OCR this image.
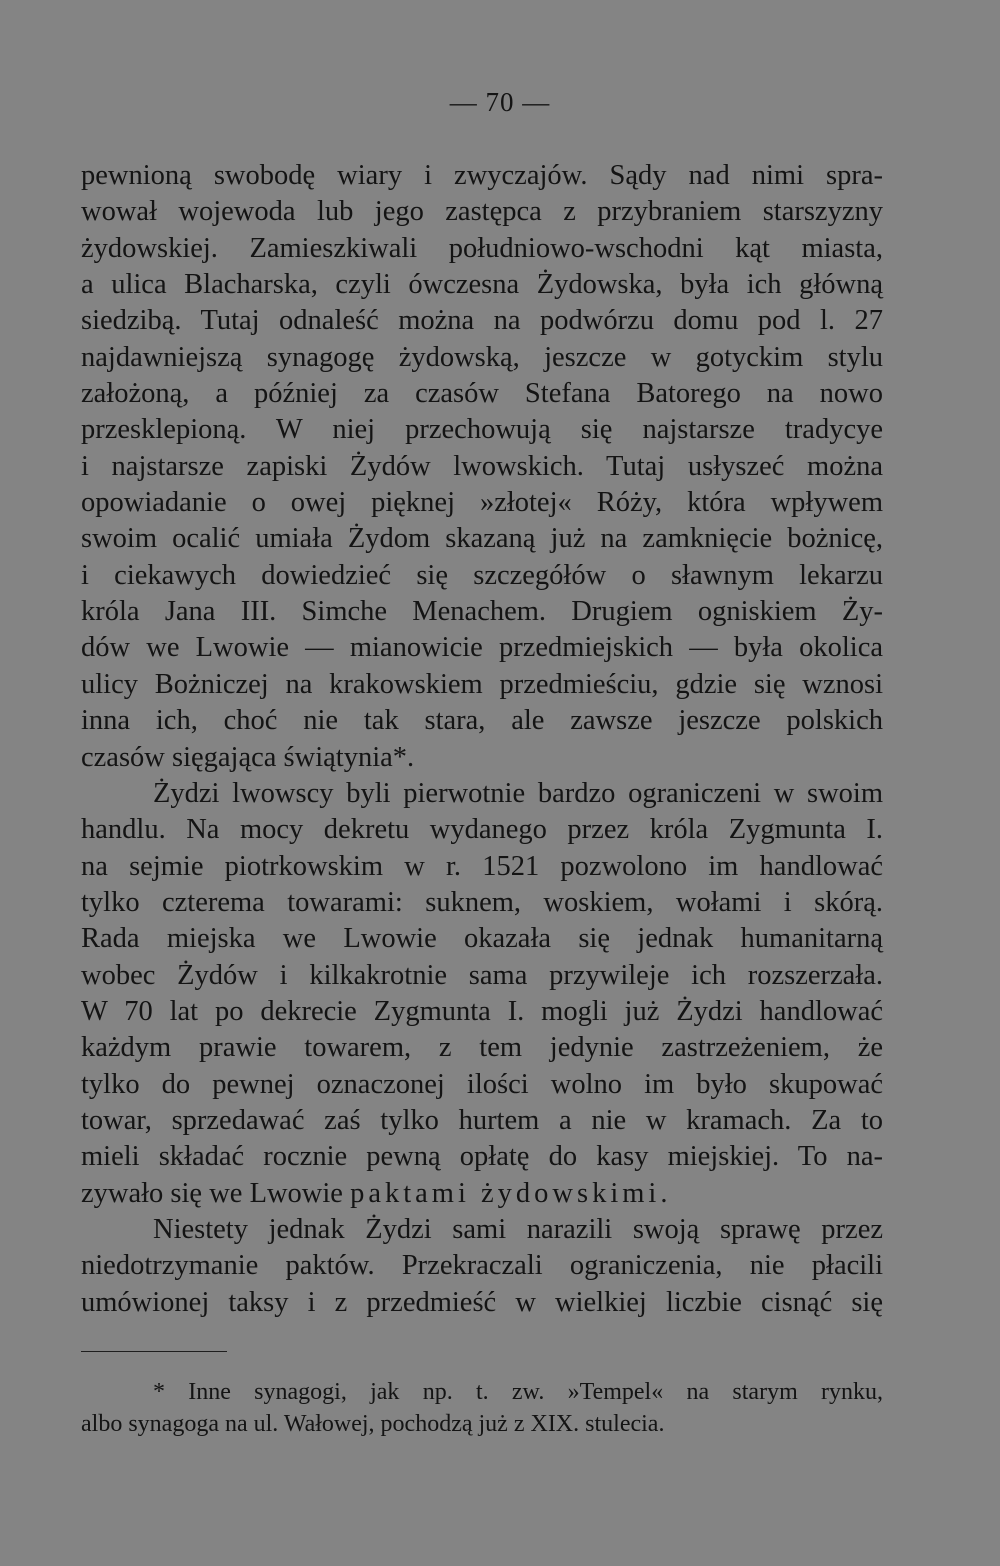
— 70 —
pewnioną swobodę wiary i zwyczajów. Sądy nad nimi spra-
wował wojewoda lub jego zastępca z przybraniem starszyzny
żydowskiej. Zamieszkiwali południowo-wschodni kąt miasta,
a ulica Blacharska, czyli ówczesna Żydowska, była ich główną
siedzibą. Tutaj odnaleść można na podwórzu domu pod l. 27
najdawniejszą synagogę żydowską, jeszcze w gotyckim stylu
założoną, a później za czasów Stefana Batorego na nowo
przesklepioną. W niej przechowują się najstarsze tradycye
i najstarsze zapiski Żydów lwowskich. Tutaj usłyszeć można
opowiadanie o owej pięknej »złotej« Róży, która wpływem
swoim ocalić umiała Żydom skazaną już na zamknięcie bożnicę,
i ciekawych dowiedzieć się szczegółów o sławnym lekarzu
króla Jana III. Simche Menachem. Drugiem ogniskiem Ży-
dów we Lwowie — mianowicie przedmiejskich — była okolica
ulicy Bożniczej na krakowskiem przedmieściu, gdzie się wznosi
inna ich, choć nie tak stara, ale zawsze jeszcze polskich
czasów sięgająca świątynia*.
Żydzi lwowscy byli pierwotnie bardzo ograniczeni w swoim
handlu. Na mocy dekretu wydanego przez króla Zygmunta I.
na sejmie piotrkowskim w r. 1521 pozwolono im handlować
tylko czterema towarami: suknem, woskiem, wołami i skórą.
Rada miejska we Lwowie okazała się jednak humanitarną
wobec Żydów i kilkakrotnie sama przywileje ich rozszerzała.
W 70 lat po dekrecie Zygmunta I. mogli już Żydzi handlować
każdym prawie towarem, z tem jedynie zastrzeżeniem, że
tylko do pewnej oznaczonej ilości wolno im było skupować
towar, sprzedawać zaś tylko hurtem a nie w kramach. Za to
mieli składać rocznie pewną opłatę do kasy miejskiej. To na-
zywało się we Lwowie paktami żydowskimi.
Niestety jednak Żydzi sami narazili swoją sprawę przez
niedotrzymanie paktów. Przekraczali ograniczenia, nie płacili
umówionej taksy i z przedmieść w wielkiej liczbie cisnąć się
* Inne synagogi, jak np. t. zw. »Tempel« na starym rynku,
albo synagoga na ul. Wałowej, pochodzą już z XIX. stulecia.
